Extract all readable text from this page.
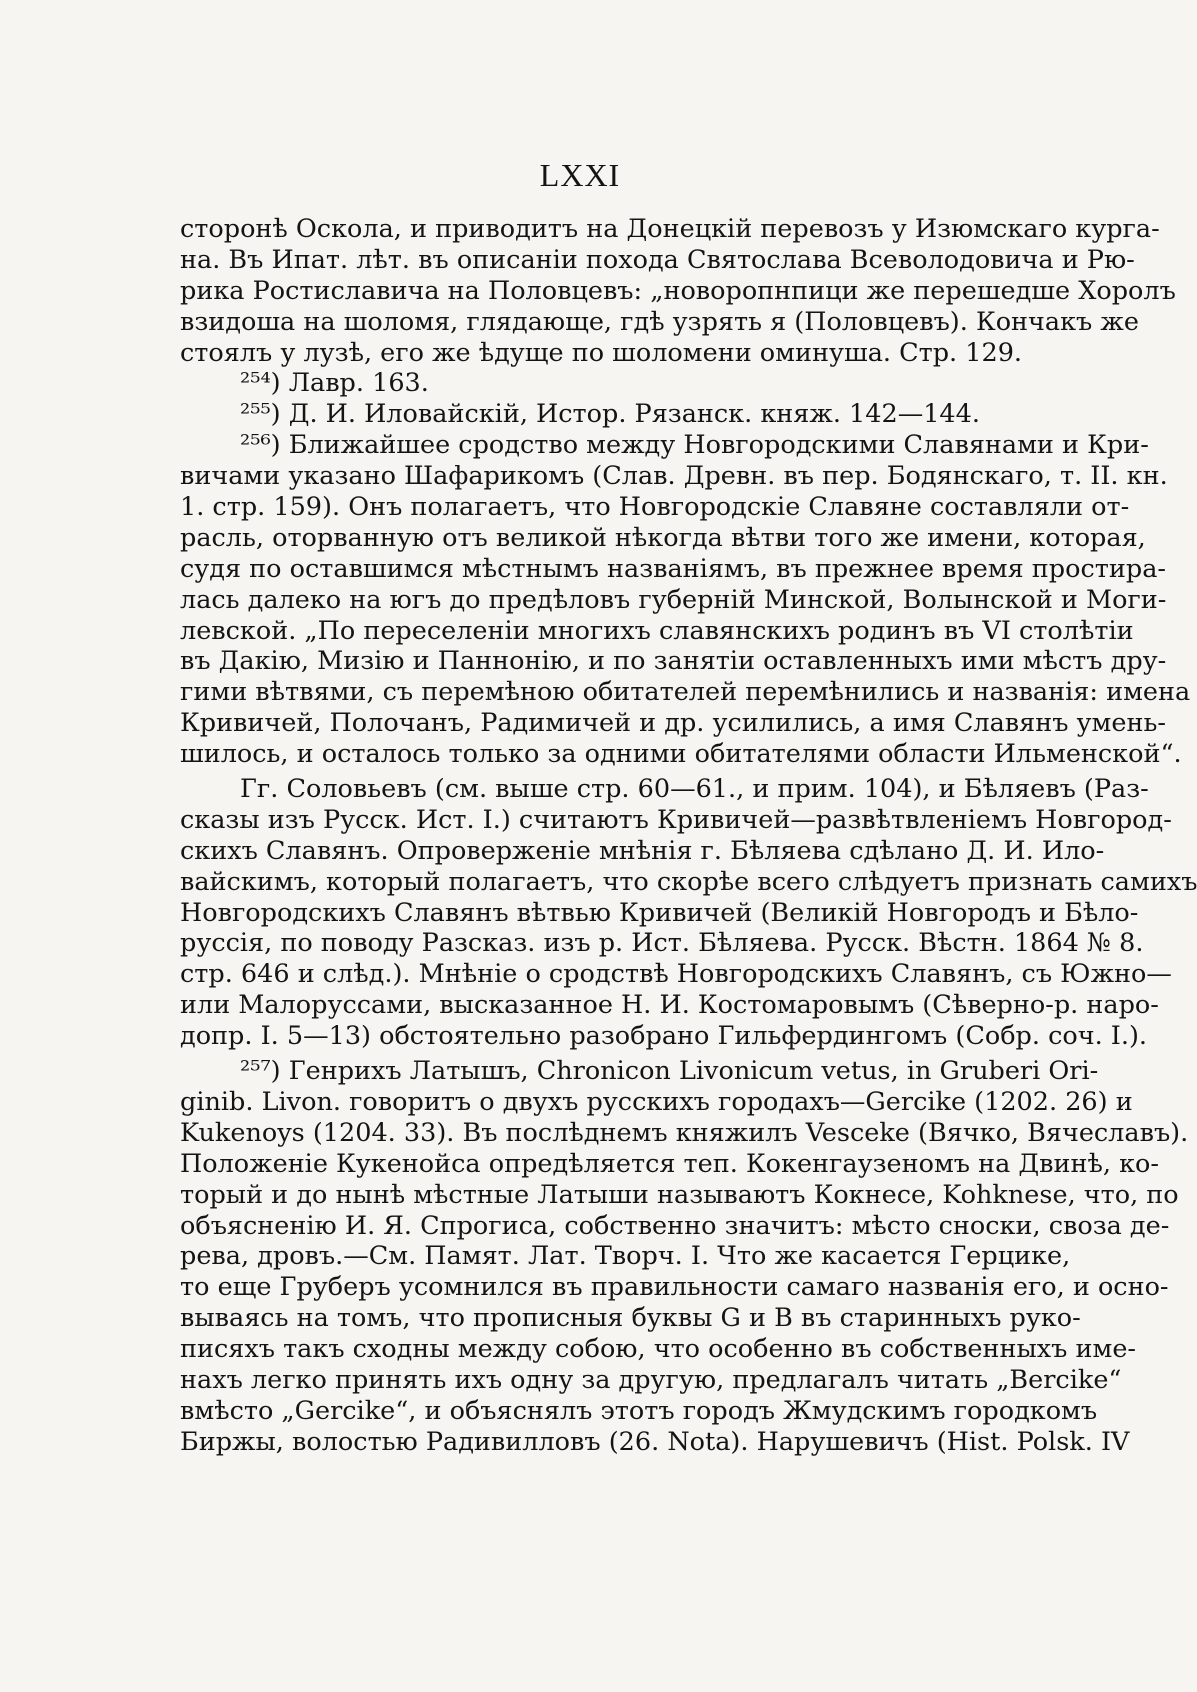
LXXI
сторонѣ Оскола, и приводитъ на Донецкій перевозъ у Изюмскаго курга-
на. Въ Ипат. лѣт. въ описаніи похода Святослава Всеволодовича и Рю-
рика Ростиславича на Половцевъ: „новоропнпици же перешедше Хоролъ
взидоша на шоломя, глядающе, гдѣ узрять я (Половцевъ). Кончакъ же
стоялъ у лузѣ, его же ѣдуще по шоломени оминуша. Стр. 129.
²⁵⁴) Лавр. 163.
²⁵⁵) Д. И. Иловайскій, Истор. Рязанск. княж. 142—144.
²⁵⁶) Ближайшее сродство между Новгородскими Славянами и Кри-
вичами указано Шафарикомъ (Слав. Древн. въ пер. Бодянскаго, т. II. кн.
1. стр. 159). Онъ полагаетъ, что Новгородскіе Славяне составляли от-
расль, оторванную отъ великой нѣкогда вѣтви того же имени, которая,
судя по оставшимся мѣстнымъ названіямъ, въ прежнее время простира-
лась далеко на югъ до предѣловъ губерній Минской, Волынской и Моги-
левской. „По переселеніи многихъ славянскихъ родинъ въ VI столѣтіи
въ Дакію, Мизію и Паннонію, и по занятіи оставленныхъ ими мѣстъ дру-
гими вѣтвями, съ перемѣною обитателей перемѣнились и названія: имена
Кривичей, Полочанъ, Радимичей и др. усилились, а имя Славянъ умень-
шилось, и осталось только за одними обитателями области Ильменской“.
Гг. Соловьевъ (см. выше стр. 60—61., и прим. 104), и Бѣляевъ (Раз-
сказы изъ Русск. Ист. I.) считаютъ Кривичей—развѣтвленіемъ Новгород-
скихъ Славянъ. Опроверженіе мнѣнія г. Бѣляева сдѣлано Д. И. Ило-
вайскимъ, который полагаетъ, что скорѣе всего слѣдуетъ признать самихъ
Новгородскихъ Славянъ вѣтвью Кривичей (Великій Новгородъ и Бѣло-
руссія, по поводу Разсказ. изъ р. Ист. Бѣляева. Русск. Вѣстн. 1864 № 8.
стр. 646 и слѣд.). Мнѣніе о сродствѣ Новгородскихъ Славянъ, съ Южно—
или Малоруссами, высказанное Н. И. Костомаровымъ (Сѣверно-р. наро-
допр. I. 5—13) обстоятельно разобрано Гильфердингомъ (Собр. соч. I.).
²⁵⁷) Генрихъ Латышъ, Chronicon Livonicum vetus, in Gruberi Ori-
ginib. Livon. говоритъ о двухъ русскихъ городахъ—Gercike (1202. 26) и
Kukenoys (1204. 33). Въ послѣднемъ княжилъ Vesceke (Вячко, Вячеславъ).
Положеніе Кукенойса опредѣляется теп. Кокенгаузеномъ на Двинѣ, ко-
торый и до нынѣ мѣстные Латыши называютъ Кокнесе, Kohknese, что, по
объясненію И. Я. Спрогиса, собственно значитъ: мѣсто сноски, своза де-
рева, дровъ.—См. Памят. Лат. Творч. I. Что же касается Герцике,
то еще Груберъ усомнился въ правильности самаго названія его, и осно-
вываясь на томъ, что прописныя буквы G и B въ старинныхъ руко-
писяхъ такъ сходны между собою, что особенно въ собственныхъ име-
нахъ легко принять ихъ одну за другую, предлагалъ читать „Bercike“
вмѣсто „Gercike“, и объяснялъ этотъ городъ Жмудскимъ городкомъ
Биржы, волостью Радивилловъ (26. Nota). Нарушевичъ (Hist. Polsk. IV
